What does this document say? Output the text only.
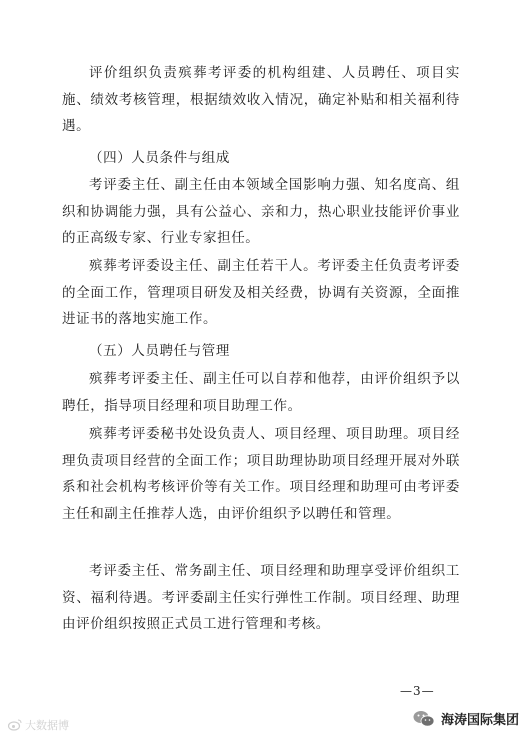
评价组织负责殡葬考评委的机构组建、人员聘任、项目实施、绩效考核管理，根据绩效收入情况，确定补贴和相关福利待遇。

（四）人员条件与组成

考评委主任、副主任由本领域全国影响力强、知名度高、组织和协调能力强，具有公益心、亲和力，热心职业技能评价事业的正高级专家、行业专家担任。

殡葬考评委设主任、副主任若干人。考评委主任负责考评委的全面工作，管理项目研发及相关经费，协调有关资源，全面推进证书的落地实施工作。

（五）人员聘任与管理

殡葬考评委主任、副主任可以自荐和他荐，由评价组织予以聘任，指导项目经理和项目助理工作。

殡葬考评委秘书处设负责人、项目经理、项目助理。项目经理负责项目经营的全面工作；项目助理协助项目经理开展对外联系和社会机构考核评价等有关工作。项目经理和助理可由考评委主任和副主任推荐人选，由评价组织予以聘任和管理。

考评委主任、常务副主任、项目经理和助理享受评价组织工资、福利待遇。考评委副主任实行弹性工作制。项目经理、助理由评价组织按照正式员工进行管理和考核。

—3—
大数据博	海涛国际集团
